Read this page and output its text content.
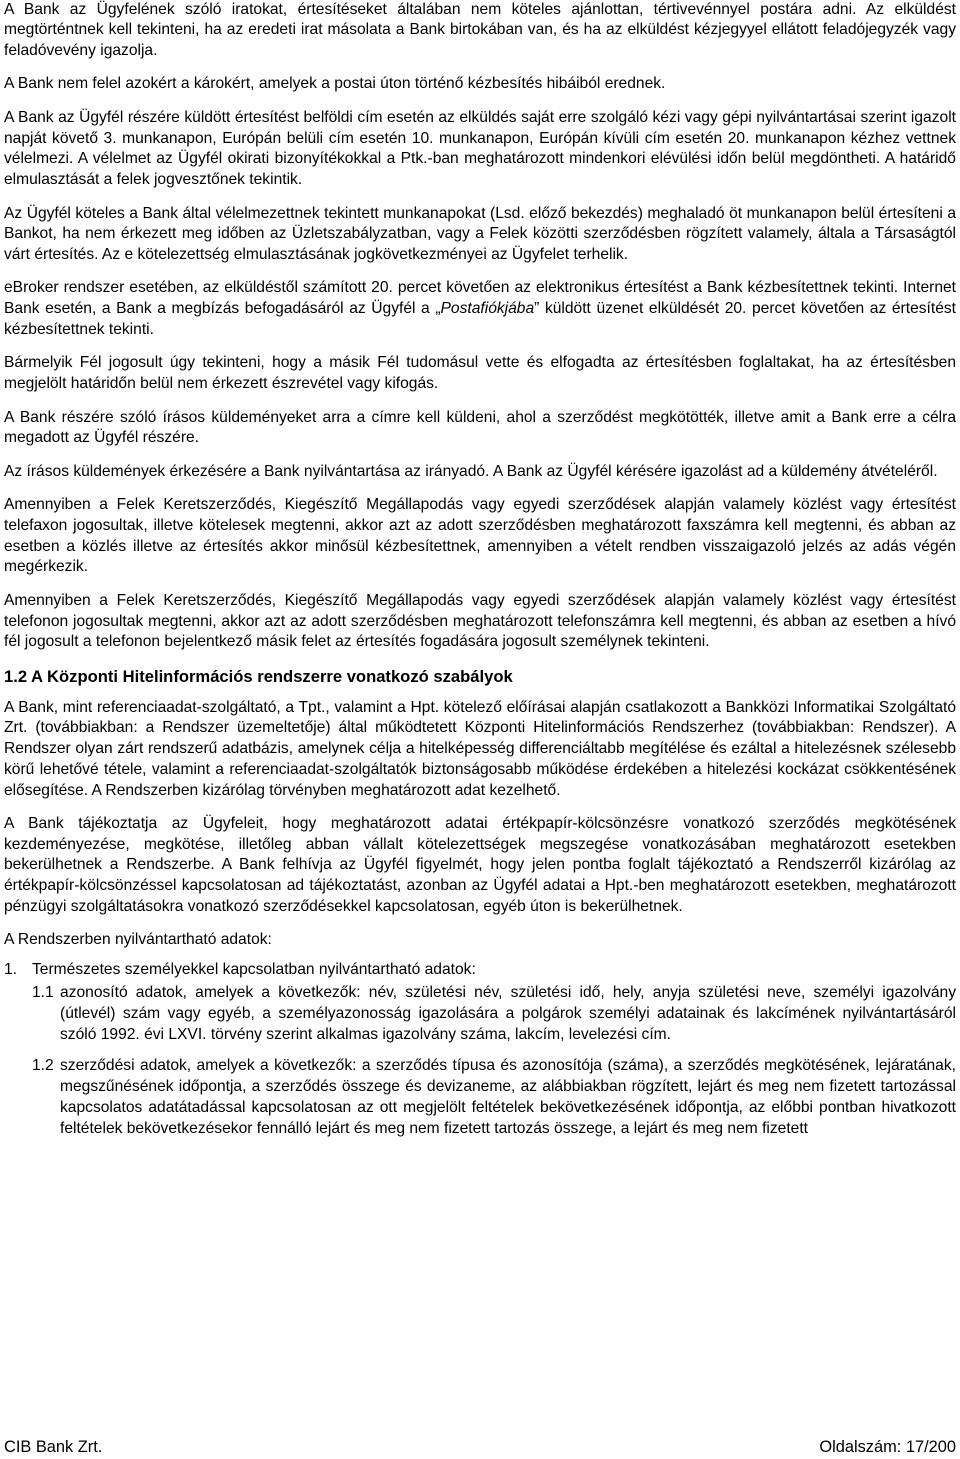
A Bank az Ügyfelének szóló iratokat, értesítéseket általában nem köteles ajánlottan, tértivevénnyel postára adni. Az elküldést megtörténtnek kell tekinteni, ha az eredeti irat másolata a Bank birtokában van, és ha az elküldést kézjegyyel ellátott feladójegyzék vagy feladóvevény igazolja.

A Bank nem felel azokért a károkért, amelyek a postai úton történő kézbesítés hibáiból erednek.

A Bank az Ügyfél részére küldött értesítést belföldi cím esetén az elküldés saját erre szolgáló kézi vagy gépi nyilvántartásai szerint igazolt napját követő 3. munkanapon, Európán belüli cím esetén 10. munkanapon, Európán kívüli cím esetén 20. munkanapon kézhez vettnek vélelmezi. A vélelmet az Ügyfél okirati bizonyítékokkal a Ptk.-ban meghatározott mindenkori elévülési időn belül megdöntheti. A határidő elmulasztását a felek jogvesztőnek tekintik.

Az Ügyfél köteles a Bank által vélelmezettnek tekintett munkanapokat (Lsd. előző bekezdés) meghaladó öt munkanapon belül értesíteni a Bankot, ha nem érkezett meg időben az Üzletszabályzatban, vagy a Felek közötti szerződésben rögzített valamely, általa a Társaságtól várt értesítés. Az e kötelezettség elmulasztásának jogkövetkezményei az Ügyfelet terhelik.

eBroker rendszer esetében, az elküldéstől számított 20. percet követően az elektronikus értesítést a Bank kézbesítettnek tekinti. Internet Bank esetén, a Bank a megbízás befogadásáról az Ügyfél a „Postafiókjába” küldött üzenet elküldését 20. percet követően az értesítést kézbesítettnek tekinti.

Bármelyik Fél jogosult úgy tekinteni, hogy a másik Fél tudomásul vette és elfogadta az értesítésben foglaltakat, ha az értesítésben megjelölt határidőn belül nem érkezett észrevétel vagy kifogás.

A Bank részére szóló írásos küldeményeket arra a címre kell küldeni, ahol a szerződést megkötötték, illetve amit a Bank erre a célra megadott az Ügyfél részére.

Az írásos küldemények érkezésére a Bank nyilvántartása az irányadó. A Bank az Ügyfél kérésére igazolást ad a küldemény átvételéről.

Amennyiben a Felek Keretszerződés, Kiegészítő Megállapodás vagy egyedi szerződések alapján valamely közlést vagy értesítést telefaxon jogosultak, illetve kötelesek megtenni, akkor azt az adott szerződésben meghatározott faxszámra kell megtenni, és abban az esetben a közlés illetve az értesítés akkor minősül kézbesítettnek, amennyiben a vételt rendben visszaigazoló jelzés az adás végén megérkezik.

Amennyiben a Felek Keretszerződés, Kiegészítő Megállapodás vagy egyedi szerződések alapján valamely közlést vagy értesítést telefonon jogosultak megtenni, akkor azt az adott szerződésben meghatározott telefonszámra kell megtenni, és abban az esetben a hívó fél jogosult a telefonon bejelentkező másik felet az értesítés fogadására jogosult személynek tekinteni.

1.2 A Központi Hitelinformációs rendszerre vonatkozó szabályok

A Bank, mint referenciaadat-szolgáltató, a Tpt., valamint a Hpt. kötelező előírásai alapján csatlakozott a Bankközi Informatikai Szolgáltató Zrt. (továbbiakban: a Rendszer üzemeltetője) által működtetett Központi Hitelinformációs Rendszerhez (továbbiakban: Rendszer). A Rendszer olyan zárt rendszerű adatbázis, amelynek célja a hitelképesség differenciáltabb megítélése és ezáltal a hitelezésnek szélesebb körű lehetővé tétele, valamint a referenciaadat-szolgáltatók biztonságosabb működése érdekében a hitelezési kockázat csökkentésének elősegítése. A Rendszerben kizárólag törvényben meghatározott adat kezelhető.

A Bank tájékoztatja az Ügyfeleit, hogy meghatározott adatai értékpapír-kölcsönzésre vonatkozó szerződés megkötésének kezdeményezése, megkötése, illetőleg abban vállalt kötelezettségek megszegése vonatkozásában meghatározott esetekben bekerülhetnek a Rendszerbe. A Bank felhívja az Ügyfél figyelmét, hogy jelen pontba foglalt tájékoztató a Rendszerről kizárólag az értékpapír-kölcsönzéssel kapcsolatosan ad tájékoztatást, azonban az Ügyfél adatai a Hpt.-ben meghatározott esetekben, meghatározott pénzügyi szolgáltatásokra vonatkozó szerződésekkel kapcsolatosan, egyéb úton is bekerülhetnek.

A Rendszerben nyilvántartható adatok:

1. Természetes személyekkel kapcsolatban nyilvántartható adatok:
1.1 azonosító adatok, amelyek a következők: név, születési név, születési idő, hely, anyja születési neve, személyi igazolvány (útlevél) szám vagy egyéb, a személyazonosság igazolására a polgárok személyi adatainak és lakcímének nyilvántartásáról szóló 1992. évi LXVI. törvény szerint alkalmas igazolvány száma, lakcím, levelezési cím.
1.2 szerződési adatok, amelyek a következők: a szerződés típusa és azonosítója (száma), a szerződés megkötésének, lejáratának, megszűnésének időpontja, a szerződés összege és devizaneme, az alábbiakban rögzített, lejárt és meg nem fizetett tartozással kapcsolatos adatátadással kapcsolatosan az ott megjelölt feltételek bekövetkezésének időpontja, az előbbi pontban hivatkozott feltételek bekövetkezésekor fennálló lejárt és meg nem fizetett tartozás összege, a lejárt és meg nem fizetett
CIB Bank Zrt.	Oldalszám: 17/200
